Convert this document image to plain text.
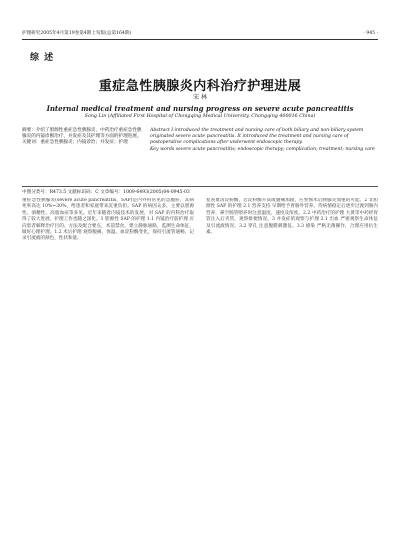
护理研究2005年4月第19卷第4期上旬版(总第164期)	· 945 ·
综 述
重症急性胰腺炎内科治疗护理进展
宋 林
Internal medical treatment and nursing progress on severe acute pancreatitis
Song Lin (Affiliated First Hospital of Chongqing Medical University, Chongqing 400016 China)
摘要：介绍了胆源性重症急性胰腺炎、中药治疗重症急性胰腺炎的内镜诊断治疗、并发症及其护理等方面的护理进展。
关键词：重症急性胰腺炎；内镜诊治；并发症；护理
Abstract I introduced the treatment and nursing care of both biliary and non-biliary system originated severe acute pancreatitis. It introduced the treatment and nursing care of postoperative complications after underwent endoscopic therapy.
Key words severe acute pancreatitis; endoscopic therapy; complication; treatment; nursing care
中图分类号：R473.5 文献标识码：C 文章编号：1009-6493(2005)04-0945-03

重症急性胰腺炎(severe acute pancreatitis，SAP)是内外科常见的急腹症，其病死率高达 10%~30%，给患者和家庭带来沉重负担。SAP 的病因众多，主要以胆源性、酒精性、高脂血症等多见。近年来随着内镜技术的发展，对 SAP 的内科治疗取得了较大进展，护理工作也随之深化。1 胆源性 SAP 的护理 1.1 内镜治疗前护理 应向患者解释治疗目的、方法及配合要点，术前禁食，建立静脉通路，监测生命体征，做好心理护理。1.2 术后护理 观察腹痛、体温、血淀粉酶变化，保持引流管通畅，记录引流液的颜色、性状和量。

复查血清淀粉酶，若淀粉酶升高或腹痛加剧，应警惕术后胰腺炎加重的可能。2 非胆源性 SAP 的护理 2.1 营养支持 早期给予胃肠外营养，待病情稳定后逐步过渡到肠内营养，鼻空肠管喂养时注意温度、速度及浓度。2.2 中药治疗的护理 大黄等中药经胃管注入后夹管，观察排便情况。3 并发症的观察与护理 3.1 出血 严密观察生命体征及引流液情况。3.2 穿孔 注意腹膜刺激征。3.3 感染 严格无菌操作，合理应用抗生素。
